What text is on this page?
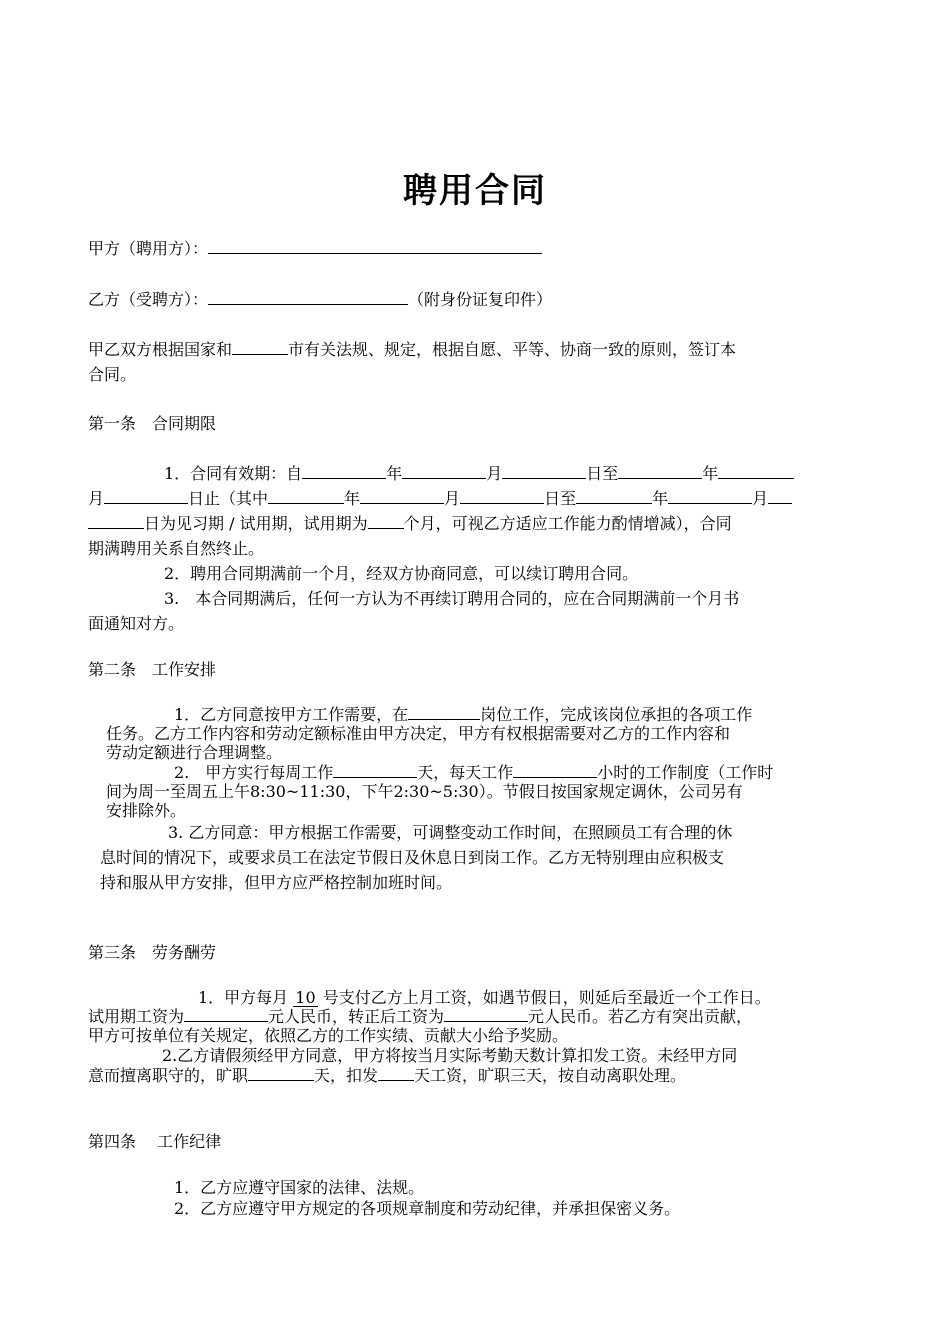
聘用合同
甲方（聘用方）：
乙方（受聘方）：	（附身份证复印件）
甲乙双方根据国家和	市有关法规、规定，根据自愿、平等、协商一致的原则，签订本
合同。
第一条　合同期限
1．合同有效期：自	年	月	日至	年
月	日止（其中	年	月	日至	年	月
日为见习期 / 试用期，试用期为 个月，可视乙方适应工作能力酌情增减），合同
期满聘用关系自然终止。
2．聘用合同期满前一个月，经双方协商同意，可以续订聘用合同。
3.　本合同期满后，任何一方认为不再续订聘用合同的，应在合同期满前一个月书
面通知对方。
第二条　工作安排
1．乙方同意按甲方工作需要，在	岗位工作，完成该岗位承担的各项工作
任务。乙方工作内容和劳动定额标准由甲方决定，甲方有权根据需要对乙方的工作内容和
劳动定额进行合理调整。
2.　甲方实行每周工作	天，每天工作	小时的工作制度（工作时
间为周一至周五上午8:30~11:30，下午2:30~5:30）。节假日按国家规定调休，公司另有
安排除外。
3. 乙方同意：甲方根据工作需要，可调整变动工作时间，在照顾员工有合理的休
息时间的情况下，或要求员工在法定节假日及休息日到岗工作。乙方无特别理由应积极支
持和服从甲方安排，但甲方应严格控制加班时间。
第三条　劳务酬劳
1．甲方每月 10 号支付乙方上月工资，如遇节假日，则延后至最近一个工作日。
试用期工资为	元人民币，转正后工资为	元人民币。若乙方有突出贡献，
甲方可按单位有关规定，依照乙方的工作实绩、贡献大小给予奖励。
2.乙方请假须经甲方同意，甲方将按当月实际考勤天数计算扣发工资。未经甲方同
意而擅离职守的，旷职	天，扣发 天工资，旷职三天，按自动离职处理。
第四条　 工作纪律
1．乙方应遵守国家的法律、法规。
2．乙方应遵守甲方规定的各项规章制度和劳动纪律，并承担保密义务。
